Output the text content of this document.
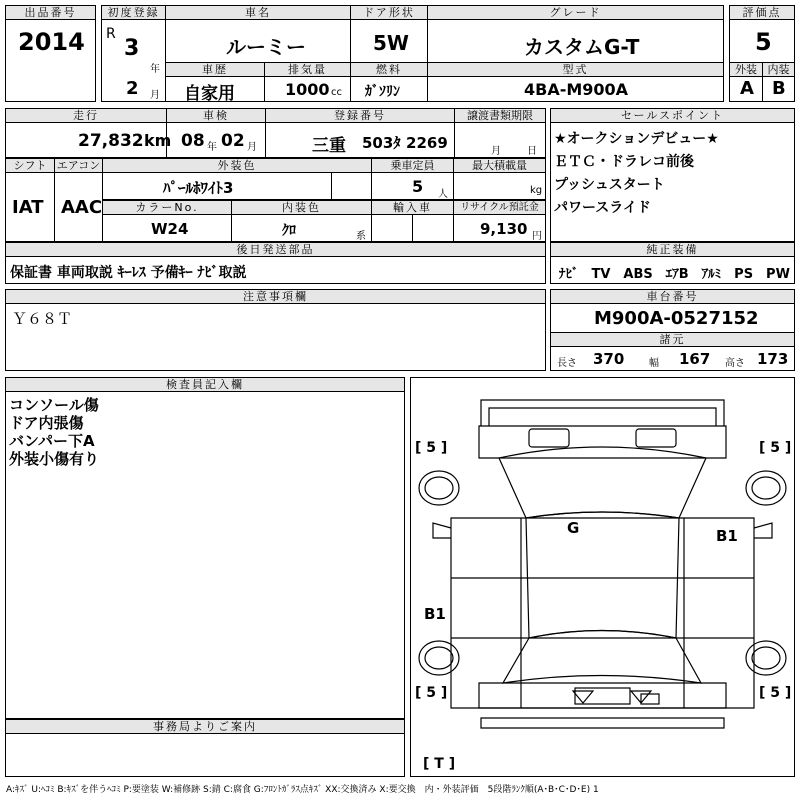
出品番号
2014
初度登録
R
3
年
2 月
車名
ルーミー
ドア形状
5W
グレード
カスタムG-T
評価点
5
車歴
自家用
排気量
1000 cc
燃料
ｶﾞｿﾘﾝ
型式
4BA-M900A
外装
A
内装
B
走行
27,832 km
車検
08 年 02 月
登録番号
三重 503ﾀ 2269
譲渡書類期限
月	日
シフト
IAT
エアコン
AAC
外装色
ﾊﾟｰﾙﾎﾜｲﾄ3
乗車定員
5 人
最大積載量
kg
カラーNo.
W24
内装色
ｸﾛ	系
輸入車	リサイクル預託金
9,130 円
後日発送部品
保証書 車両取説 ｷｰﾚｽ 予備ｷｰ ﾅﾋﾞ取説
セールスポイント
★オークションデビュー★
ＥＴＣ・ドラレコ前後
プッシュスタート
パワースライド
純正装備
ﾅﾋﾞ　TV　ABS　ｴｱB　ｱﾙﾐ　PS　PW
注意事項欄
Ｙ６８Ｔ
車台番号
M900A-0527152
諸元
長さ 370 幅 167 高さ 173
検査員記入欄
コンソール傷
ドア内張傷
バンパー下A
外装小傷有り
事務局よりご案内
[ 5 ]	[ 5 ]
[ 5 ]	[ 5 ]
[ T ]
G	B1
B1
A:ｷｽﾞ U:ﾍｺﾐ B:ｷｽﾞを伴うﾍｺﾐ P:要塗装 W:補修跡 S:錆 C:腐食 G:ﾌﾛﾝﾄｶﾞﾗｽ点ｷｽﾞ XX:交換済み X:要交換　内・外装評価　5段階ﾗﾝｸ順(A･B･C･D･E) 1
